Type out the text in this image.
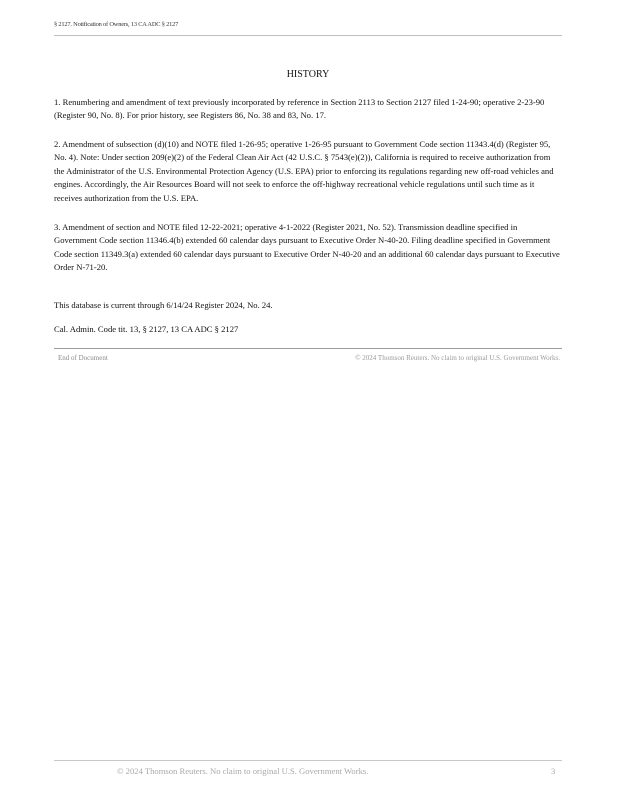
§ 2127. Notification of Owners, 13 CA ADC § 2127
HISTORY

1. Renumbering and amendment of text previously incorporated by reference in Section 2113 to Section 2127 filed 1-24-90; operative 2-23-90 (Register 90, No. 8). For prior history, see Registers 86, No. 38 and 83, No. 17.

2. Amendment of subsection (d)(10) and NOTE filed 1-26-95; operative 1-26-95 pursuant to Government Code section 11343.4(d) (Register 95, No. 4). Note: Under section 209(e)(2) of the Federal Clean Air Act (42 U.S.C. § 7543(e)(2)), California is required to receive authorization from the Administrator of the U.S. Environmental Protection Agency (U.S. EPA) prior to enforcing its regulations regarding new off-road vehicles and engines. Accordingly, the Air Resources Board will not seek to enforce the off-highway recreational vehicle regulations until such time as it receives authorization from the U.S. EPA.

3. Amendment of section and NOTE filed 12-22-2021; operative 4-1-2022 (Register 2021, No. 52). Transmission deadline specified in Government Code section 11346.4(b) extended 60 calendar days pursuant to Executive Order N-40-20. Filing deadline specified in Government Code section 11349.3(a) extended 60 calendar days pursuant to Executive Order N-40-20 and an additional 60 calendar days pursuant to Executive Order N-71-20.

This database is current through 6/14/24 Register 2024, No. 24.

Cal. Admin. Code tit. 13, § 2127, 13 CA ADC § 2127

End of Document	© 2024 Thomson Reuters. No claim to original U.S. Government Works.
© 2024 Thomson Reuters. No claim to original U.S. Government Works.	3
